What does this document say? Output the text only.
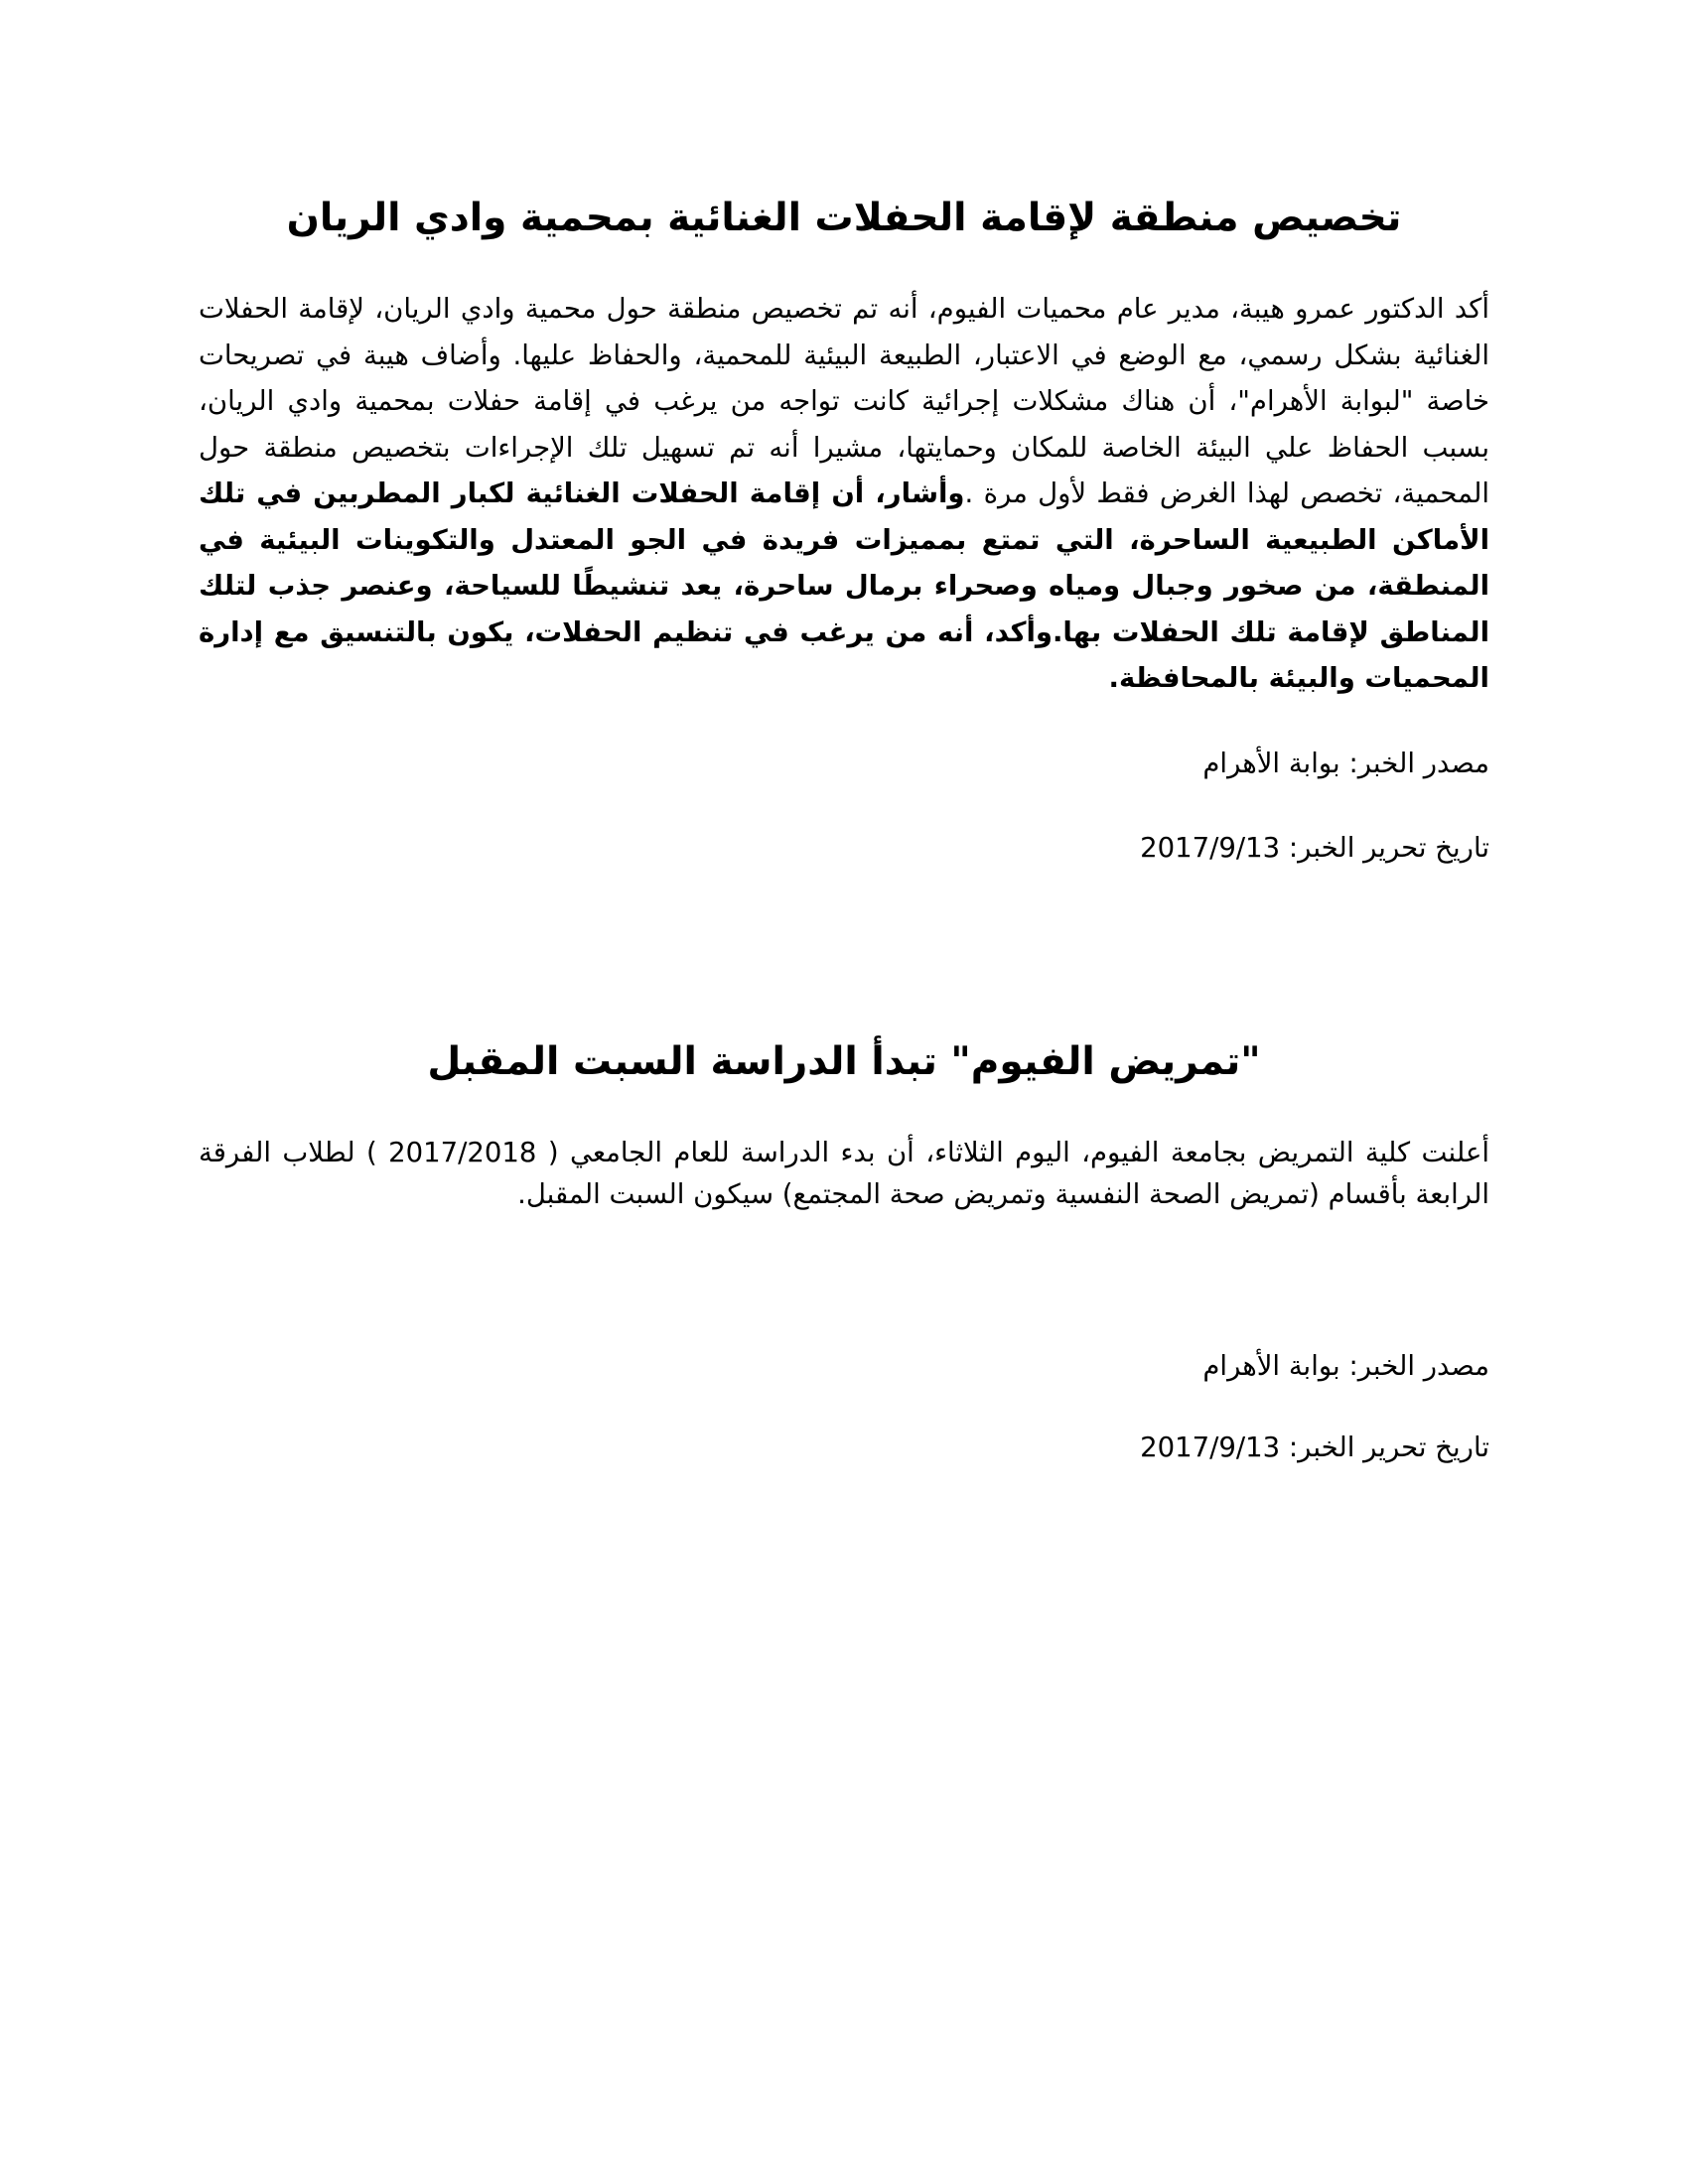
تخصيص منطقة لإقامة الحفلات الغنائية بمحمية وادي الريان

أكد الدكتور عمرو هيبة، مدير عام محميات الفيوم، أنه تم تخصيص منطقة حول محمية وادي الريان، لإقامة الحفلات الغنائية بشكل رسمي، مع الوضع في الاعتبار، الطبيعة البيئية للمحمية، والحفاظ عليها. وأضاف هيبة في تصريحات خاصة "لبوابة الأهرام"، أن هناك مشكلات إجرائية كانت تواجه من يرغب في إقامة حفلات بمحمية وادي الريان، بسبب الحفاظ علي البيئة الخاصة للمكان وحمايتها، مشيرا أنه تم تسهيل تلك الإجراءات بتخصيص منطقة حول المحمية، تخصص لهذا الغرض فقط لأول مرة .وأشار، أن إقامة الحفلات الغنائية لكبار المطربين في تلك الأماكن الطبيعية الساحرة، التي تمتع بمميزات فريدة في الجو المعتدل والتكوينات البيئية في المنطقة، من صخور وجبال ومياه وصحراء برمال ساحرة، يعد تنشيطًا للسياحة، وعنصر جذب لتلك المناطق لإقامة تلك الحفلات بها.وأكد، أنه من يرغب في تنظيم الحفلات، يكون بالتنسيق مع إدارة المحميات والبيئة بالمحافظة.

مصدر الخبر: بوابة الأهرام

تاريخ تحرير الخبر: 2017/9/13

"تمريض الفيوم" تبدأ الدراسة السبت المقبل

أعلنت كلية التمريض بجامعة الفيوم، اليوم الثلاثاء، أن بدء الدراسة للعام الجامعي ( 2017/2018 ) لطلاب الفرقة الرابعة بأقسام (تمريض الصحة النفسية وتمريض صحة المجتمع) سيكون السبت المقبل.

مصدر الخبر: بوابة الأهرام

تاريخ تحرير الخبر: 2017/9/13
